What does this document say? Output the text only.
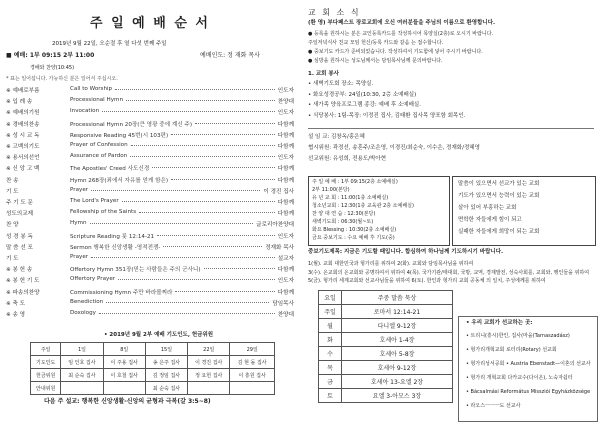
주 일 예 배 순 서
2019년 9월 22일, 오순절 후 열 다섯 번째 주일
■ 예배: 1부 09:15 2부 11:00	예배인도: 정 재화 목사
경배와 찬양(10:45)
* 표는 일어섭니다. 가능하신 분은 일어서 주십시오.
※ 예배로부름	Call to Worship	인도자
※ 입 례 송	Processional Hymn	찬양대
※ 예배의기원	Invocation	인도자
※ 경배의찬송	Processional Hymn 20장(큰 영광 중에 계신 주)	다함께
※ 성 시 교 독	Responsive Reading 45번(시 103편)	다함께
※ 고백의기도	Prayer of Confession	다함께
※ 용서의선언	Assurance of Pardon	인도자
※ 신 앙 고 백	The Apostles' Creed 사도신경	다함께
찬 송	Hymn 268장(죄에서 자유를 얻게 함은)	다함께
기 도	Prayer	이 경진 집사
주 기 도 문	The Lord's Prayer	다함께
성도의교제	Fellowship of the Saints	다함께
찬 양	Hymn	글로리아찬양대
성 경 봉 독	Scripture Reading 룻 12:14-21	인도자
말 씀 선 포	Sermon 행복한 신앙생활 -영적전쟁-	정재화 목사
기 도	Prayer	설교자
※ 봉 헌 송	Offertory Hymn 351장(믿는 사람들은 주의 군사니)	다함께
※ 봉 헌 기 도	Offertory Prayer	인도자
※ 파송의찬양	Commissioning Hymn 주만 바라볼찌라	다함께
※ 축 도	Benediction	담임목사
※ 송 영	Doxology	찬양대
• 2019년 9월 2부 예배 기도인도, 헌금위원
주일	1일	8일	15일	22일	29일
기도인도	임 인호 집사	이 주용 집사	송 은주 집사	이 경진 집사	김 현 돌 집사
헌금위원	최 순숙 집사	이 호철 집사	김 정임 집사	정 요헌 집사	이 흥원 집사
안내위원			최 순숙 집사		
다음 주 설교: 행복한 신앙생활-신앙의 균형과 극복(갈 3:5~8)
교 회 소 식
(환 영) 부다페스트 장로교회에 오신 여러분들을 주님의 이름으로 환영합니다.
● 등록을 원하시는 분은 교인등록카드를 작성하시어 목양실(2층)로 오시기 바랍니다.
주일저녁식사 친교 모임 헌신/등록 카드와 같음 는 접수합니다.
● 중보기도 카드가 준비되었습니다. 작성하셔서 기도함에 넣어 주시기 바랍니다.
● 심방을 원하시는 성도님께서는 담임목사님께 문의바랍니다.
1. 교회 봉사
• 새벽기도회 장소: 목양실.
• 화요성경공부: 24일(10:30, 2층 소예배실)
• 새가족 양육프로그램 종강: 예배 후 소예배실.
• 식당봉사: 1팀-목장: 이정진 집사, 김태환 집사목 양포함 회목인.
설 임 교: 김창옥/홍은혜
협시위원: 곽정선, 송혼주/조은영, 이경진/최순숙, 이수은, 정재화/정혜영
선교위원: 유성희, 전용도/박아현
주 일 예 배 : 1부 09:15(2층 소예배실)
2부 11:00(본당)
유 년 교 회 : 11:00(1층 소예배실)
청소년교회 : 12:30(1층 교육관 2층 소예배실)
찬 양 대 연 습 : 12:30(본당)
새벽기도회 : 06:30(월~토)
화요 Blessing : 10:30(2층 소예배실)
금요 중보기도 : 수요 예배 후 기도(중)
말씀이 있으면서 선교가 있는 교회
기도가 있으면서 능력이 있는 교회
살아 있어 부흥하는 교회
면학한 자들에게 힘이 되고
실패한 자들에게 희망이 되는 교회
중보기도제목: 지금은 기도할 때입니다. 합심하여 하나님께 기도하시기 바랍니다.
1(월). 교회 대한민국과 헝가리를 위하여 2(화). 교회와 담임목사님을 위하여
3(수). 온교회의 온교회와 공명하여서 위하여 4(목). 국가기관/태대회, 국방, 교역, 경제발전, 성숙사회를, 교회와, 행인들을 위하여
5(금). 헝가리 세계교회와 선교사님들을 위하여 6(토). 한인과 헝가리 교회 공동체 의 일치, 주성에께를 위하여
요일	주중 말씀 묵상
주일	로마서 12:14-21
월	다니엘 9-12장
화	호세아 1-4장
수	호세아 5-8장
목	호세아 9-12장
금	호세아 13-요엘 2장
토	요엘 3-아모스 3장
• 우리 교회가 선교하는 곳:
• 트리니(흥시)한인, 집사(마을(Tarnaszadász)
• 헝가리개혁교회 로터리(Rotary) 선교회
• 헝가리성서공회 • Austria Ebenstadt—이혼의 선교사
• 헝가리 개혁교회 다카교수(다이온), 노숙자쉼터
• Bácsalmási Református Missziói Egyházközsége
• 라오스ㅡㅡㅡ도 선교사
